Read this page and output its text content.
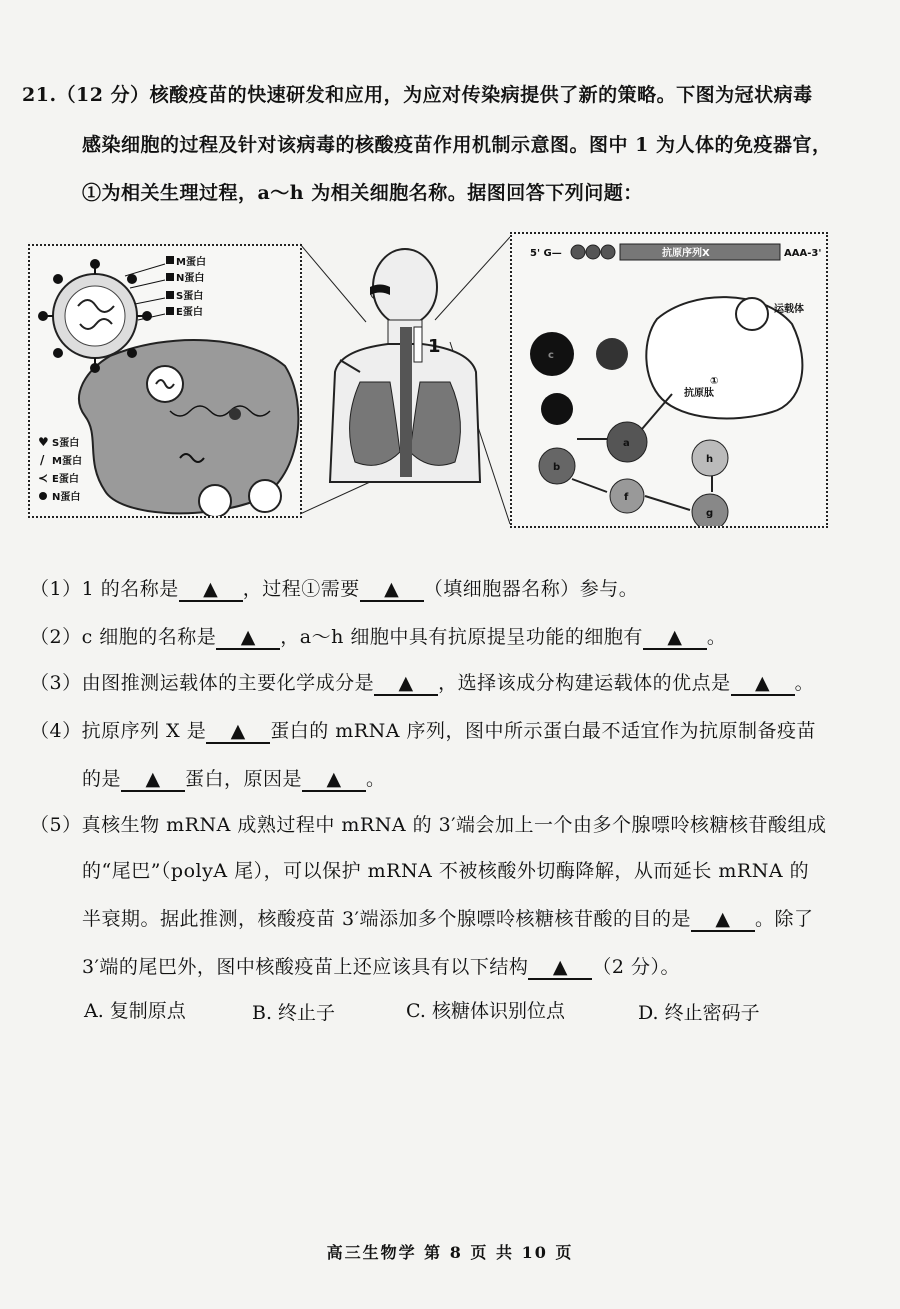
21.（12 分）核酸疫苗的快速研发和应用，为应对传染病提供了新的策略。下图为冠状病毒
感染细胞的过程及针对该病毒的核酸疫苗作用机制示意图。图中 1 为人体的免疫器官，
①为相关生理过程，a～h 为相关细胞名称。据图回答下列问题：
M蛋白
N蛋白
S蛋白
E蛋白
♥ S蛋白
/ M蛋白
≺ E蛋白
N蛋白
1
5' G—	抗原序列X	AAA-3'
运载体
抗原肽
①
c
a
b
f
g
h
（1）1 的名称是 ▲ ，过程①需要 ▲ （填细胞器名称）参与。
（2）c 细胞的名称是 ▲ ，a～h 细胞中具有抗原提呈功能的细胞有 ▲ 。
（3）由图推测运载体的主要化学成分是 ▲ ，选择该成分构建运载体的优点是 ▲ 。
（4）抗原序列 X 是 ▲ 蛋白的 mRNA 序列，图中所示蛋白最不适宜作为抗原制备疫苗
的是 ▲ 蛋白，原因是 ▲ 。
（5）真核生物 mRNA 成熟过程中 mRNA 的 3′端会加上一个由多个腺嘌呤核糖核苷酸组成
的“尾巴”（polyA 尾），可以保护 mRNA 不被核酸外切酶降解，从而延长 mRNA 的
半衰期。据此推测，核酸疫苗 3′端添加多个腺嘌呤核糖核苷酸的目的是 ▲ 。除了
3′端的尾巴外，图中核酸疫苗上还应该具有以下结构 ▲ （2 分）。
A. 复制原点	B. 终止子	C. 核糖体识别位点	D. 终止密码子
高三生物学 第 8 页 共 10 页
